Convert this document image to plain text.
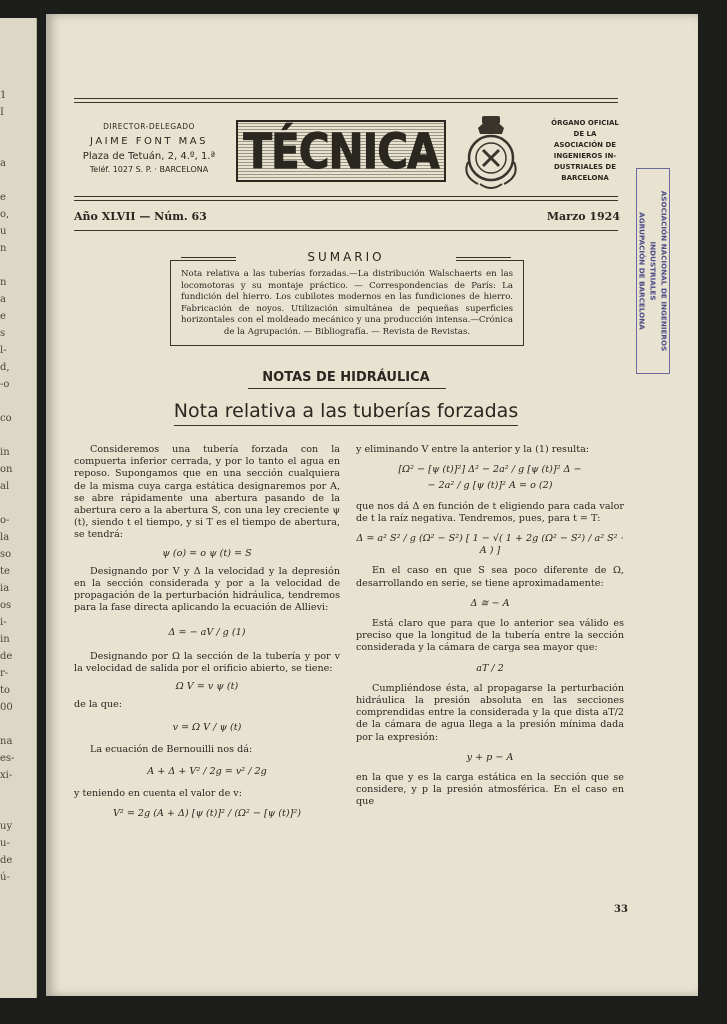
1
I
a
e
o,
u
n
n
a
e
s
l-
d,
-o
co
in
on
al
o-
la
so
te
ia
os
i-
in
de
r-
to
00
na
es-
xi-
uy
u-
de
ú-
DIRECTOR-DELEGADO
JAIME FONT MAS
Plaza de Tetuán, 2, 4.º, 1.ª
Teléf. 1027 S. P. · BARCELONA TÉCNICA	ÓRGANO OFICIAL
DE LA
ASOCIACIÓN DE
INGENIEROS IN-
DUSTRIALES DE
BARCELONA
Año XLVII — Núm. 63	Marzo 1924	ASOCIACIÓN NACIONAL DE INGENIEROS INDUSTRIALES
AGRUPACIÓN DE BARCELONA
Nota relativa a las tuberías forzadas.—La distribución Walschaerts en las locomotoras y su montaje práctico. — Correspondencias de París: La fundición del hierro. Los cubilotes modernos en las fundiciones de hierro. Fabricación de noyos. Utilización simultánea de pequeñas superficies horizontales con el moldeado mecánico y una producción intensa.—Crónica de la Agrupación. — Bibliografía. — Revista de Revistas.
SUMARIO
NOTAS DE HIDRÁULICA
Nota relativa a las tuberías forzadas

Consideremos una tubería forzada con la compuerta inferior cerrada, y por lo tanto el agua en reposo. Supongamos que en una sección cualquiera de la misma cuya carga estática designaremos por A, se abre rápidamente una abertura pasando de la abertura cero a la abertura S, con una ley creciente ψ (t), siendo t el tiempo, y si T es el tiempo de abertura, se tendrá:

ψ (o) = o ψ (t) = S

Designando por V y Δ la velocidad y la depresión en la sección considerada y por a la velocidad de propagación de la perturbación hidráulica, tendremos para la fase directa aplicando la ecuación de Allievi:

Δ = − aV / g (1)

Designando por Ω la sección de la tubería y por v la velocidad de salida por el orificio abierto, se tiene:

Ω V = v ψ (t)

de la que:

v = Ω V / ψ (t)

La ecuación de Bernouilli nos dá:

A + Δ + V² / 2g = v² / 2g

y teniendo en cuenta el valor de v:

V² = 2g (A + Δ) [ψ (t)]² / (Ω² − [ψ (t)]²)

y eliminando V entre la anterior y la (1) resulta:

[Ω² − [ψ (t)]²] Δ² − 2a² / g [ψ (t)]² Δ −

− 2a² / g [ψ (t)]² A = o (2)

que nos dá Δ en función de t eligiendo para cada valor de t la raíz negativa. Tendremos, pues, para t = T:

Δ = a² S² / g (Ω² − S²) [ 1 − √( 1 + 2g (Ω² − S²) / a² S² · A ) ]

En el caso en que S sea poco diferente de Ω, desarrollando en serie, se tiene aproximadamente:

Δ ≅ − A

Está claro que para que lo anterior sea válido es preciso que la longitud de la tubería entre la sección considerada y la cámara de carga sea mayor que:

aT / 2

Cumpliéndose ésta, al propagarse la perturbación hidráulica la presión absoluta en las secciones comprendidas entre la considerada y la que dista aT/2 de la cámara de agua llega a la presión mínima dada por la expresión:

y + p − A

en la que y es la carga estática en la sección que se considere, y p la presión atmosférica. En el caso en que

33
